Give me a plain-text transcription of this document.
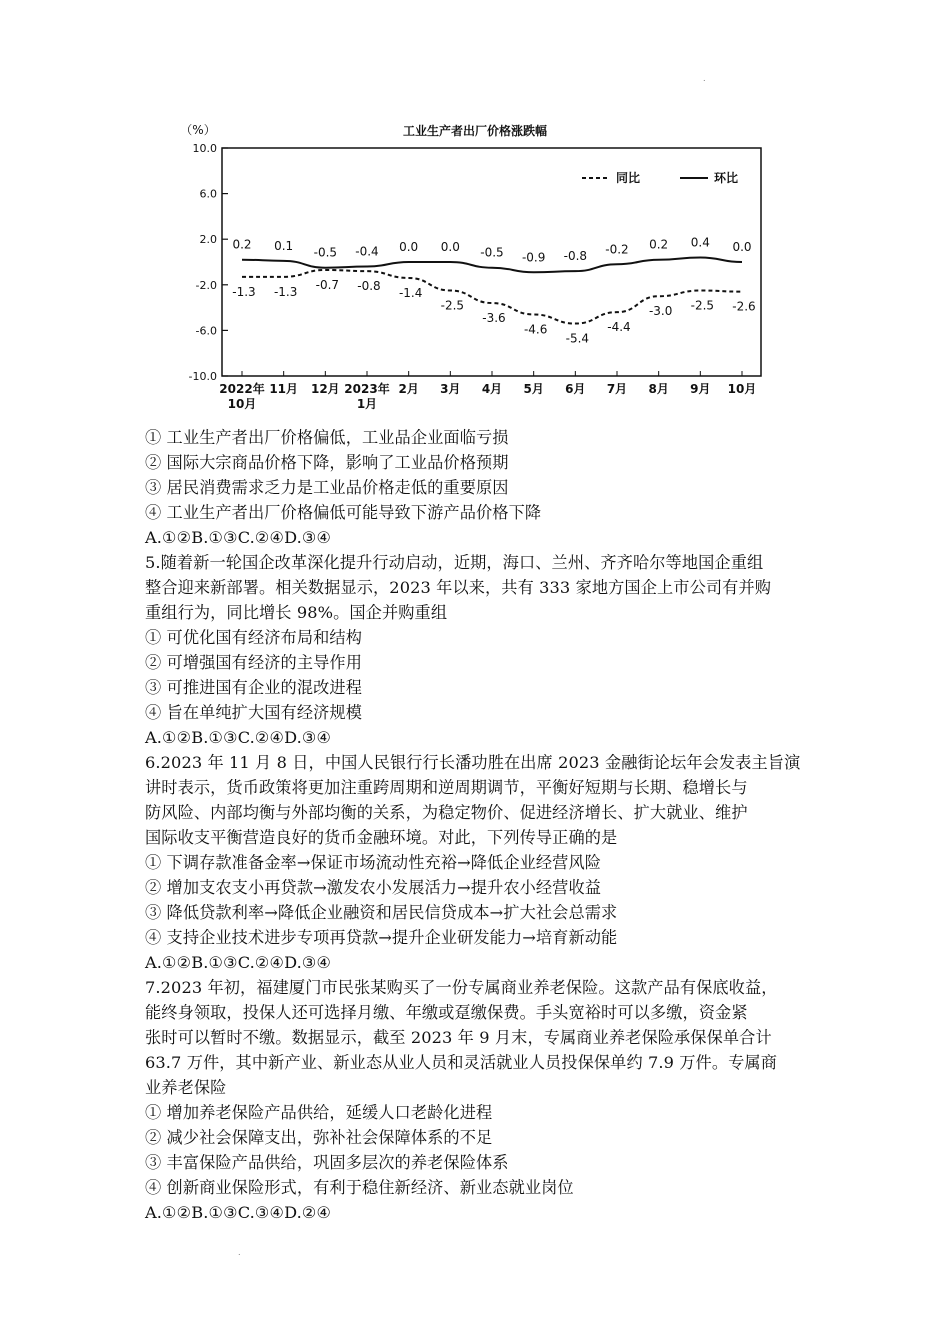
.
工业生产者出厂价格涨跌幅
（%）
10.0
6.0
2.0
-2.0
-6.0
-10.0
2022年
10月
11月 12月 2023年
1月
2月 3月 4月 5月 6月 7月 8月 9月 10月
-1.3 -1.3 -0.7 -0.8 -1.4
-2.5
-3.6
-4.6
-5.4
-4.4
-3.0 -2.5 -2.6
0.2 0.1 -0.5 -0.4 0.0 0.0 -0.5 -0.9 -0.8 -0.2 0.2 0.4 0.0
同比	环比
① 工业生产者出厂价格偏低，工业品企业面临亏损
② 国际大宗商品价格下降，影响了工业品价格预期
③ 居民消费需求乏力是工业品价格走低的重要原因
④ 工业生产者出厂价格偏低可能导致下游产品价格下降
A.①②B.①③C.②④D.③④
5.随着新一轮国企改革深化提升行动启动，近期，海口、兰州、齐齐哈尔等地国企重组
整合迎来新部署。相关数据显示，2023 年以来，共有 333 家地方国企上市公司有并购
重组行为，同比增长 98%。国企并购重组
① 可优化国有经济布局和结构
② 可增强国有经济的主导作用
③ 可推进国有企业的混改进程
④ 旨在单纯扩大国有经济规模
A.①②B.①③C.②④D.③④
6.2023 年 11 月 8 日，中国人民银行行长潘功胜在出席 2023 金融街论坛年会发表主旨演
讲时表示，货币政策将更加注重跨周期和逆周期调节，平衡好短期与长期、稳增长与
防风险、内部均衡与外部均衡的关系，为稳定物价、促进经济增长、扩大就业、维护
国际收支平衡营造良好的货币金融环境。对此，下列传导正确的是
① 下调存款准备金率→保证市场流动性充裕→降低企业经营风险
② 增加支农支小再贷款→激发农小发展活力→提升农小经营收益
③ 降低贷款利率→降低企业融资和居民信贷成本→扩大社会总需求
④ 支持企业技术进步专项再贷款→提升企业研发能力→培育新动能
A.①②B.①③C.②④D.③④
7.2023 年初，福建厦门市民张某购买了一份专属商业养老保险。这款产品有保底收益，
能终身领取，投保人还可选择月缴、年缴或趸缴保费。手头宽裕时可以多缴，资金紧
张时可以暂时不缴。数据显示，截至 2023 年 9 月末，专属商业养老保险承保保单合计
63.7 万件，其中新产业、新业态从业人员和灵活就业人员投保保单约 7.9 万件。专属商
业养老保险
① 增加养老保险产品供给，延缓人口老龄化进程
② 减少社会保障支出，弥补社会保障体系的不足
③ 丰富保险产品供给，巩固多层次的养老保险体系
④ 创新商业保险形式，有利于稳住新经济、新业态就业岗位
A.①②B.①③C.③④D.②④
.
